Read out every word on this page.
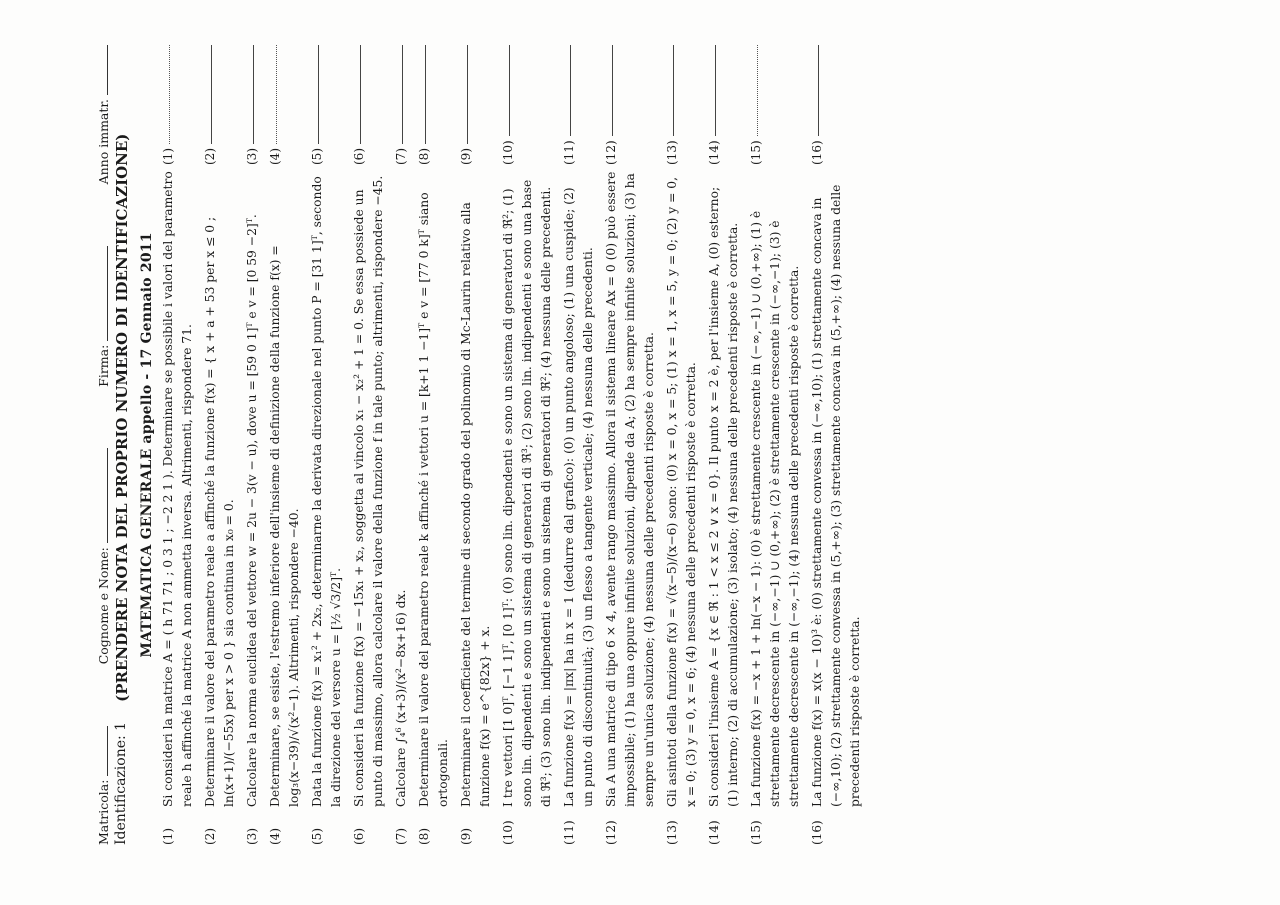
Matricola:
Cognome e Nome:
Firma:
Anno immatr.
Identificazione: 1
(PRENDERE NOTA DEL PROPRIO NUMERO DI IDENTIFICAZIONE) MATEMATICA GENERALE appello - 17 Gennaio 2011
(1)
Si consideri la matrice A = ( h 71 71 ; 0 3 1 ; −2 2 1 ). Determinare se possibile i valori del parametro reale h affinché la matrice A non ammetta inversa. Altrimenti, rispondere 71.
(1)
(2)
Determinare il valore del parametro reale a affinché la funzione f(x) = { x + a + 53 per x ≤ 0 ; ln(x+1)/(−55x) per x > 0 } sia continua in x₀ = 0.
(2)
(3)
Calcolare la norma euclidea del vettore w = 2u − 3(v − u), dove u = [59 0 1]ᵀ e v = [0 59 −2]ᵀ.
(3)
(4)
Determinare, se esiste, l'estremo inferiore dell'insieme di definizione della funzione f(x) = log₃(x−39)/√(x²−1). Altrimenti, rispondere −40.
(4)
(5)
Data la funzione f(x) = x₁² + 2x₂, determinarne la derivata direzionale nel punto P = [31 1]ᵀ, secondo la direzione del versore u = [½ √3/2]ᵀ.
(5)
(6)
Si consideri la funzione f(x) = −15x₁ + x₂, soggetta al vincolo x₁ − x₂² + 1 = 0. Se essa possiede un punto di massimo, allora calcolare il valore della funzione f in tale punto; altrimenti, rispondere −45.
(6)
(7)
Calcolare ∫₄⁶ (x+3)/(x²−8x+16) dx.
(7)
(8)
Determinare il valore del parametro reale k affinché i vettori u = [k+1 1 −1]ᵀ e v = [77 0 k]ᵀ siano ortogonali.
(8)
(9)
Determinare il coefficiente del termine di secondo grado del polinomio di Mc-Laurin relativo alla funzione f(x) = e^{82x} + x.
(9)
(10)
I tre vettori [1 0]ᵀ, [−1 1]ᵀ, [0 1]ᵀ: (0) sono lin. dipendenti e sono un sistema di generatori di ℜ²; (1) sono lin. dipendenti e sono un sistema di generatori di ℜ³; (2) sono lin. indipendenti e sono una base di ℜ³; (3) sono lin. indipendenti e sono un sistema di generatori di ℜ²; (4) nessuna delle precedenti.
(10)
(11)
La funzione f(x) = |πx| ha in x = 1 (dedurre dal grafico): (0) un punto angoloso; (1) una cuspide; (2) un punto di discontinuità; (3) un flesso a tangente verticale; (4) nessuna delle precedenti.
(11)
(12)
Sia A una matrice di tipo 6 × 4, avente rango massimo. Allora il sistema lineare Ax = 0 (0) può essere impossibile; (1) ha una oppure infinite soluzioni, dipende da A; (2) ha sempre infinite soluzioni; (3) ha sempre un'unica soluzione; (4) nessuna delle precedenti risposte è corretta.
(12)
(13)
Gli asintoti della funzione f(x) = √(x−5)/(x−6) sono: (0) x = 0, x = 5; (1) x = 1, x = 5, y = 0; (2) y = 0, x = 0; (3) y = 0, x = 6; (4) nessuna delle precedenti risposte è corretta.
(13)
(14)
Si consideri l'insieme A = {x ∈ ℜ : 1 < x ≤ 2 ∨ x = 0}. Il punto x = 2 è, per l'insieme A, (0) esterno; (1) interno; (2) di accumulazione; (3) isolato; (4) nessuna delle precedenti risposte è corretta.
(14)
(15)
La funzione f(x) = −x + 1 + ln(−x − 1): (0) è strettamente crescente in (−∞,−1) ∪ (0,+∞); (1) è strettamente decrescente in (−∞,−1) ∪ (0,+∞); (2) è strettamente crescente in (−∞,−1); (3) è strettamente decrescente in (−∞,−1); (4) nessuna delle precedenti risposte è corretta.
(15)
(16)
La funzione f(x) = x(x − 10)³ è: (0) strettamente convessa in (−∞,10); (1) strettamente concava in (−∞,10); (2) strettamente convessa in (5,+∞); (3) strettamente concava in (5,+∞); (4) nessuna delle precedenti risposte è corretta.
(16)
